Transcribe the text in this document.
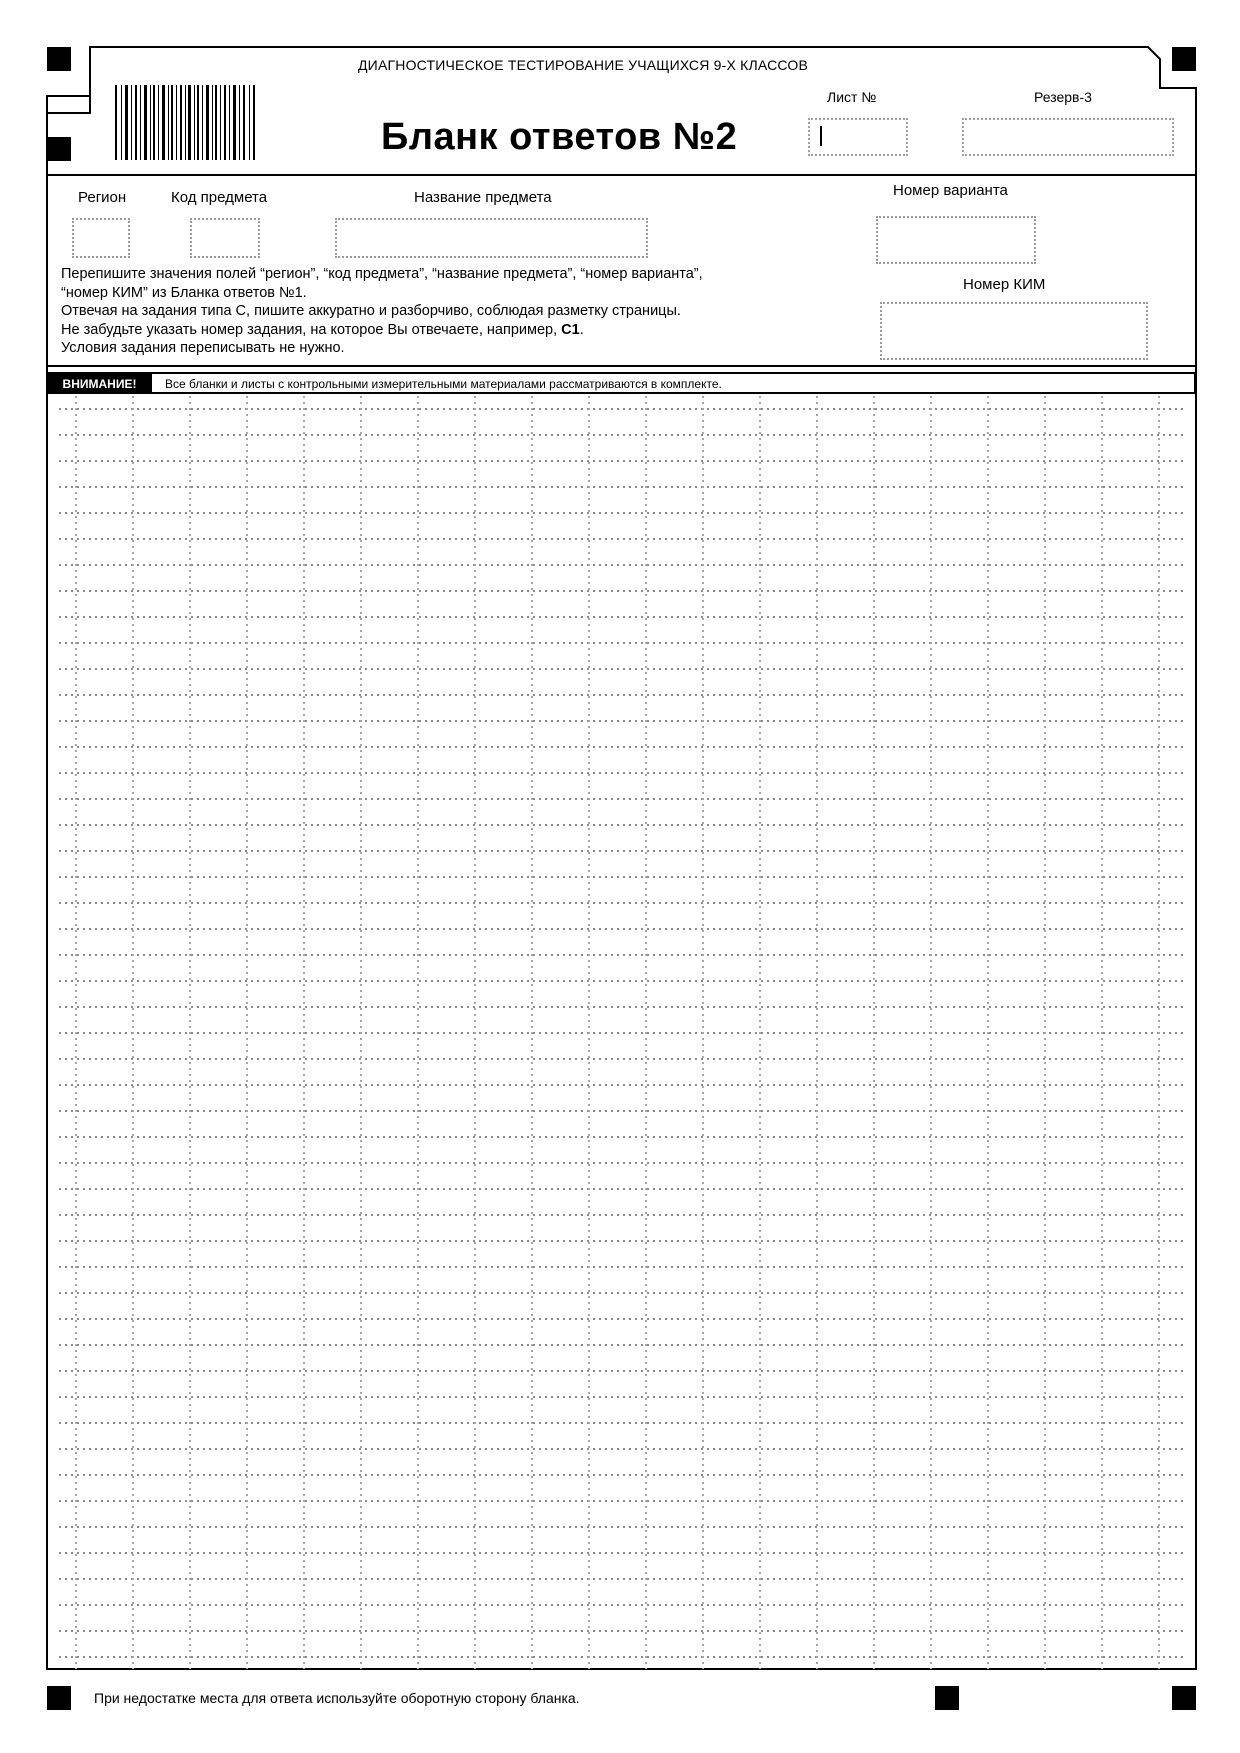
ДИАГНОСТИЧЕСКОЕ ТЕСТИРОВАНИЕ УЧАЩИХСЯ 9-Х КЛАССОВ
Бланк ответов №2
Лист №	Резерв-3
Регион	Код предмета	Название предмета	Номер варианта
Номер КИМ
Перепишите значения полей “регион”, “код предмета”, “название предмета”, “номер варианта”,
“номер КИМ” из Бланка ответов №1.
Отвечая на задания типа С, пишите аккуратно и разборчиво, соблюдая разметку страницы.
Не забудьте указать номер задания, на которое Вы отвечаете, например, С1.
Условия задания переписывать не нужно.
ВНИМАНИЕ!	Все бланки и листы с контрольными измерительными материалами рассматриваются в комплекте.
При недостатке места для ответа используйте оборотную сторону бланка.
